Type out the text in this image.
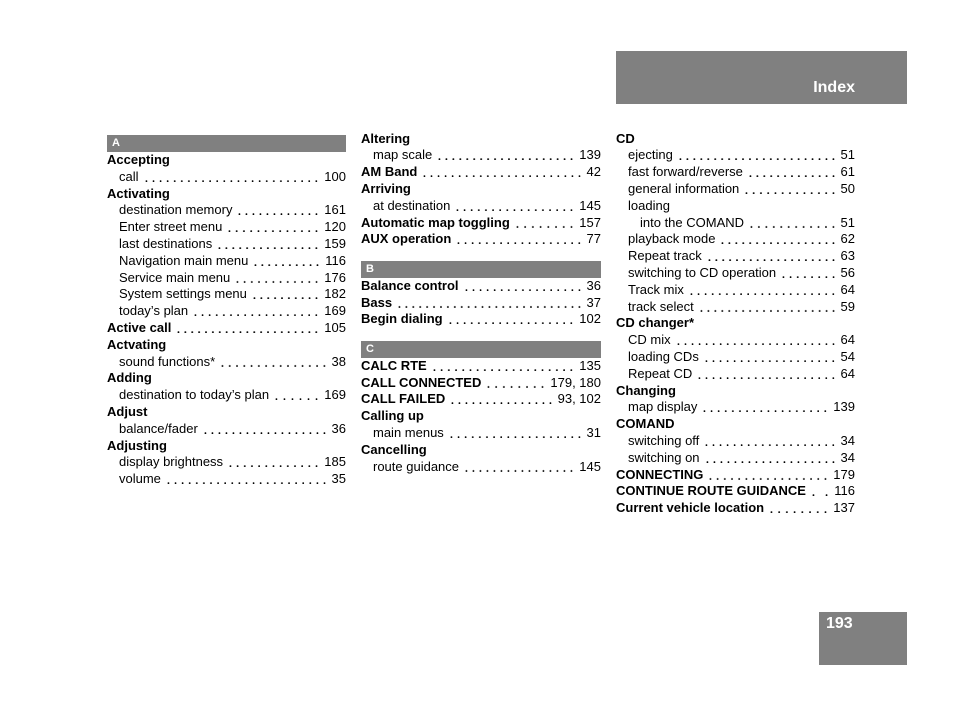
Index
A
Accepting
call	100
Activating
destination memory	161
Enter street menu	120
last destinations	159
Navigation main menu	116
Service main menu	176
System settings menu	182
today’s plan	169
Active call	105
Actvating
sound functions*	38
Adding
destination to today’s plan	169
Adjust
balance/fader	36
Adjusting
display brightness	185
volume	35
Altering
map scale	139
AM Band	42
Arriving
at destination	145
Automatic map toggling	157
AUX operation	77
B
Balance control	36
Bass	37
Begin dialing	102
C
CALC RTE	135
CALL CONNECTED	179, 180
CALL FAILED	93, 102
Calling up
main menus	31
Cancelling
route guidance	145
CD
ejecting	51
fast forward/reverse	61
general information	50
loading
into the COMAND	51
playback mode	62
Repeat track	63
switching to CD operation	56
Track mix	64
track select	59
CD changer*
CD mix	64
loading CDs	54
Repeat CD	64
Changing
map display	139
COMAND
switching off	34
switching on	34
CONNECTING	179
CONTINUE ROUTE GUIDANCE 116
Current vehicle location	137
193
